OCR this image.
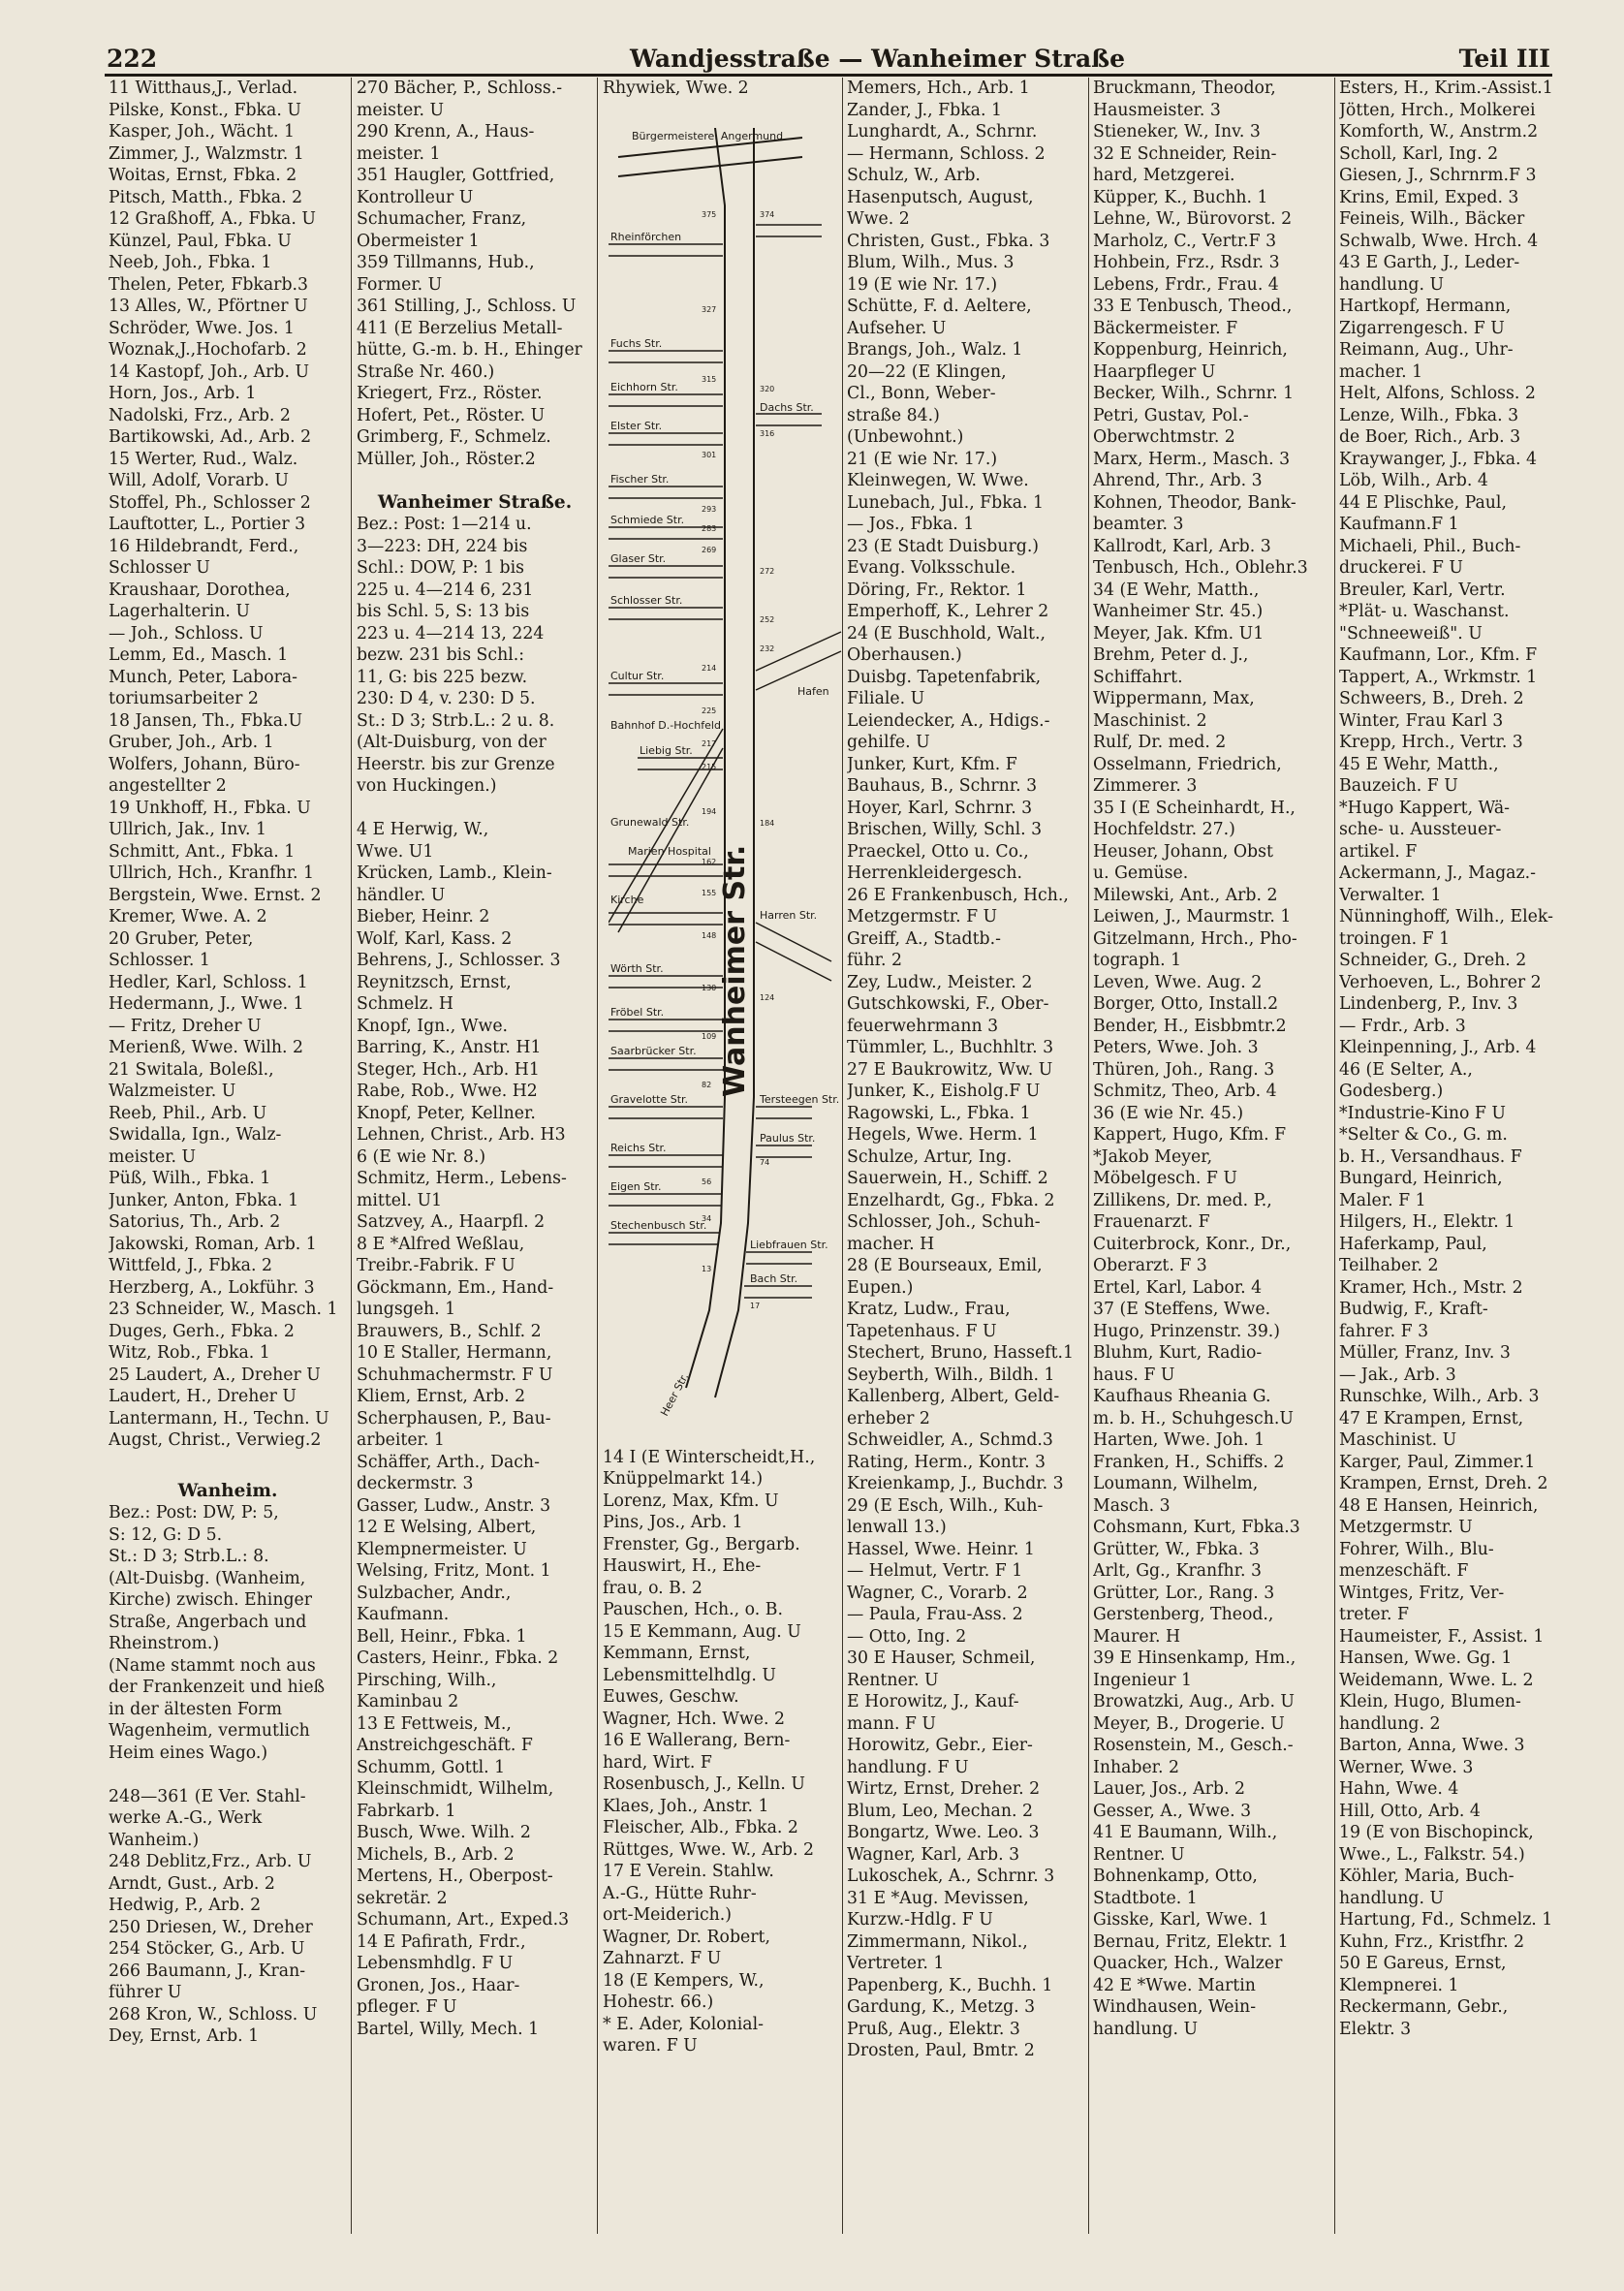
222	Wandjesstraße — Wanheimer Straße	Teil III
11 Witthaus,J., Verlad.
Pilske, Konst., Fbka. U
Kasper, Joh., Wächt. 1
Zimmer, J., Walzmstr. 1
Woitas, Ernst, Fbka. 2
Pitsch, Matth., Fbka. 2
12 Graßhoff, A., Fbka. U
Künzel, Paul, Fbka. U
Neeb, Joh., Fbka. 1
Thelen, Peter, Fbkarb.3
13 Alles, W., Pförtner U
Schröder, Wwe. Jos. 1
Woznak,J.,Hochofarb. 2
14 Kastopf, Joh., Arb. U
Horn, Jos., Arb. 1
Nadolski, Frz., Arb. 2
Bartikowski, Ad., Arb. 2
15 Werter, Rud., Walz.
Will, Adolf, Vorarb. U
Stoffel, Ph., Schlosser 2
Lauftotter, L., Portier 3
16 Hildebrandt, Ferd.,
Schlosser U
Kraushaar, Dorothea,
Lagerhalterin. U
— Joh., Schloss. U
Lemm, Ed., Masch. 1
Munch, Peter, Labora-
toriumsarbeiter 2
18 Jansen, Th., Fbka.U
Gruber, Joh., Arb. 1
Wolfers, Johann, Büro-
angestellter 2
19 Unkhoff, H., Fbka. U
Ullrich, Jak., Inv. 1
Schmitt, Ant., Fbka. 1
Ullrich, Hch., Kranfhr. 1
Bergstein, Wwe. Ernst. 2
Kremer, Wwe. A. 2
20 Gruber, Peter,
Schlosser. 1
Hedler, Karl, Schloss. 1
Hedermann, J., Wwe. 1
— Fritz, Dreher U
Merienß, Wwe. Wilh. 2
21 Switala, Boleßl.,
Walzmeister. U
Reeb, Phil., Arb. U
Swidalla, Ign., Walz-
meister. U
Püß, Wilh., Fbka. 1
Junker, Anton, Fbka. 1
Satorius, Th., Arb. 2
Jakowski, Roman, Arb. 1
Wittfeld, J., Fbka. 2
Herzberg, A., Lokführ. 3
23 Schneider, W., Masch. 1
Duges, Gerh., Fbka. 2
Witz, Rob., Fbka. 1
25 Laudert, A., Dreher U
Laudert, H., Dreher U
Lantermann, H., Techn. U
Augst, Christ., Verwieg.2
Wanheim.
Bez.: Post: DW, P: 5,
S: 12, G: D 5.
St.: D 3; Strb.L.: 8.
(Alt-Duisbg. (Wanheim,
Kirche) zwisch. Ehinger
Straße, Angerbach und
Rheinstrom.)
(Name stammt noch aus
der Frankenzeit und hieß
in der ältesten Form
Wagenheim, vermutlich
Heim eines Wago.)
248—361 (E Ver. Stahl-
werke A.-G., Werk
Wanheim.)
248 Deblitz,Frz., Arb. U
Arndt, Gust., Arb. 2
Hedwig, P., Arb. 2
250 Driesen, W., Dreher
254 Stöcker, G., Arb. U
266 Baumann, J., Kran-
führer U
268 Kron, W., Schloss. U
Dey, Ernst, Arb. 1
270 Bächer, P., Schloss.-
meister. U
290 Krenn, A., Haus-
meister. 1
351 Haugler, Gottfried,
Kontrolleur U
Schumacher, Franz,
Obermeister 1
359 Tillmanns, Hub.,
Former. U
361 Stilling, J., Schloss. U
411 (E Berzelius Metall-
hütte, G.-m. b. H., Ehinger
Straße Nr. 460.)
Kriegert, Frz., Röster.
Hofert, Pet., Röster. U
Grimberg, F., Schmelz.
Müller, Joh., Röster.2
Wanheimer Straße.
Bez.: Post: 1—214 u.
3—223: DH, 224 bis
Schl.: DOW, P: 1 bis
225 u. 4—214 6, 231
bis Schl. 5, S: 13 bis
223 u. 4—214 13, 224
bezw. 231 bis Schl.:
11, G: bis 225 bezw.
230: D 4, v. 230: D 5.
St.: D 3; Strb.L.: 2 u. 8.
(Alt-Duisburg, von der
Heerstr. bis zur Grenze
von Huckingen.)
4 E Herwig, W.,
Wwe. U1
Krücken, Lamb., Klein-
händler. U
Bieber, Heinr. 2
Wolf, Karl, Kass. 2
Behrens, J., Schlosser. 3
Reynitzsch, Ernst,
Schmelz. H
Knopf, Ign., Wwe.
Barring, K., Anstr. H1
Steger, Hch., Arb. H1
Rabe, Rob., Wwe. H2
Knopf, Peter, Kellner.
Lehnen, Christ., Arb. H3
6 (E wie Nr. 8.)
Schmitz, Herm., Lebens-
mittel. U1
Satzvey, A., Haarpfl. 2
8 E *Alfred Weßlau,
Treibr.-Fabrik. F U
Göckmann, Em., Hand-
lungsgeh. 1
Brauwers, B., Schlf. 2
10 E Staller, Hermann,
Schuhmachermstr. F U
Kliem, Ernst, Arb. 2
Scherphausen, P., Bau-
arbeiter. 1
Schäffer, Arth., Dach-
deckermstr. 3
Gasser, Ludw., Anstr. 3
12 E Welsing, Albert,
Klempnermeister. U
Welsing, Fritz, Mont. 1
Sulzbacher, Andr.,
Kaufmann.
Bell, Heinr., Fbka. 1
Casters, Heinr., Fbka. 2
Pirsching, Wilh.,
Kaminbau 2
13 E Fettweis, M.,
Anstreichgeschäft. F
Schumm, Gottl. 1
Kleinschmidt, Wilhelm,
Fabrkarb. 1
Busch, Wwe. Wilh. 2
Michels, B., Arb. 2
Mertens, H., Oberpost-
sekretär. 2
Schumann, Art., Exped.3
14 E Pafirath, Frdr.,
Lebensmhdlg. F U
Gronen, Jos., Haar-
pfleger. F U
Bartel, Willy, Mech. 1
Rhywiek, Wwe. 2
14 I (E Winterscheidt,H.,
Knüppelmarkt 14.)
Lorenz, Max, Kfm. U
Pins, Jos., Arb. 1
Frenster, Gg., Bergarb.
Hauswirt, H., Ehe-
frau, o. B. 2
Pauschen, Hch., o. B.
15 E Kemmann, Aug. U
Kemmann, Ernst,
Lebensmittelhdlg. U
Euwes, Geschw.
Wagner, Hch. Wwe. 2
16 E Wallerang, Bern-
hard, Wirt. F
Rosenbusch, J., Kelln. U
Klaes, Joh., Anstr. 1
Fleischer, Alb., Fbka. 2
Rüttges, Wwe. W., Arb. 2
17 E Verein. Stahlw.
A.-G., Hütte Ruhr-
ort-Meiderich.)
Wagner, Dr. Robert,
Zahnarzt. F U
18 (E Kempers, W.,
Hohestr. 66.)
* E. Ader, Kolonial-
waren. F U
Memers, Hch., Arb. 1
Zander, J., Fbka. 1
Lunghardt, A., Schrnr.
— Hermann, Schloss. 2
Schulz, W., Arb.
Hasenputsch, August,
Wwe. 2
Christen, Gust., Fbka. 3
Blum, Wilh., Mus. 3
19 (E wie Nr. 17.)
Schütte, F. d. Aeltere,
Aufseher. U
Brangs, Joh., Walz. 1
20—22 (E Klingen,
Cl., Bonn, Weber-
straße 84.)
(Unbewohnt.)
21 (E wie Nr. 17.)
Kleinwegen, W. Wwe.
Lunebach, Jul., Fbka. 1
— Jos., Fbka. 1
23 (E Stadt Duisburg.)
Evang. Volksschule.
Döring, Fr., Rektor. 1
Emperhoff, K., Lehrer 2
24 (E Buschhold, Walt.,
Oberhausen.)
Duisbg. Tapetenfabrik,
Filiale. U
Leiendecker, A., Hdigs.-
gehilfe. U
Junker, Kurt, Kfm. F
Bauhaus, B., Schrnr. 3
Hoyer, Karl, Schrnr. 3
Brischen, Willy, Schl. 3
Praeckel, Otto u. Co.,
Herrenkleidergesch.
26 E Frankenbusch, Hch.,
Metzgermstr. F U
Greiff, A., Stadtb.-
führ. 2
Zey, Ludw., Meister. 2
Gutschkowski, F., Ober-
feuerwehrmann 3
Tümmler, L., Buchhltr. 3
27 E Baukrowitz, Ww. U
Junker, K., Eisholg.F U
Ragowski, L., Fbka. 1
Hegels, Wwe. Herm. 1
Schulze, Artur, Ing.
Sauerwein, H., Schiff. 2
Enzelhardt, Gg., Fbka. 2
Schlosser, Joh., Schuh-
macher. H
28 (E Bourseaux, Emil,
Eupen.)
Kratz, Ludw., Frau,
Tapetenhaus. F U
Stechert, Bruno, Hasseft.1
Seyberth, Wilh., Bildh. 1
Kallenberg, Albert, Geld-
erheber 2
Schweidler, A., Schmd.3
Rating, Herm., Kontr. 3
Kreienkamp, J., Buchdr. 3
29 (E Esch, Wilh., Kuh-
lenwall 13.)
Hassel, Wwe. Heinr. 1
— Helmut, Vertr. F 1
Wagner, C., Vorarb. 2
— Paula, Frau-Ass. 2
— Otto, Ing. 2
30 E Hauser, Schmeil,
Rentner. U
E Horowitz, J., Kauf-
mann. F U
Horowitz, Gebr., Eier-
handlung. F U
Wirtz, Ernst, Dreher. 2
Blum, Leo, Mechan. 2
Bongartz, Wwe. Leo. 3
Wagner, Karl, Arb. 3
Lukoschek, A., Schrnr. 3
31 E *Aug. Mevissen,
Kurzw.-Hdlg. F U
Zimmermann, Nikol.,
Vertreter. 1
Papenberg, K., Buchh. 1
Gardung, K., Metzg. 3
Pruß, Aug., Elektr. 3
Drosten, Paul, Bmtr. 2
Bruckmann, Theodor,
Hausmeister. 3
Stieneker, W., Inv. 3
32 E Schneider, Rein-
hard, Metzgerei.
Küpper, K., Buchh. 1
Lehne, W., Bürovorst. 2
Marholz, C., Vertr.F 3
Hohbein, Frz., Rsdr. 3
Lebens, Frdr., Frau. 4
33 E Tenbusch, Theod.,
Bäckermeister. F
Koppenburg, Heinrich,
Haarpfleger U
Becker, Wilh., Schrnr. 1
Petri, Gustav, Pol.-
Oberwchtmstr. 2
Marx, Herm., Masch. 3
Ahrend, Thr., Arb. 3
Kohnen, Theodor, Bank-
beamter. 3
Kallrodt, Karl, Arb. 3
Tenbusch, Hch., Oblehr.3
34 (E Wehr, Matth.,
Wanheimer Str. 45.)
Meyer, Jak. Kfm. U1
Brehm, Peter d. J.,
Schiffahrt.
Wippermann, Max,
Maschinist. 2
Rulf, Dr. med. 2
Osselmann, Friedrich,
Zimmerer. 3
35 I (E Scheinhardt, H.,
Hochfeldstr. 27.)
Heuser, Johann, Obst
u. Gemüse.
Milewski, Ant., Arb. 2
Leiwen, J., Maurmstr. 1
Gitzelmann, Hrch., Pho-
tograph. 1
Leven, Wwe. Aug. 2
Borger, Otto, Install.2
Bender, H., Eisbbmtr.2
Peters, Wwe. Joh. 3
Thüren, Joh., Rang. 3
Schmitz, Theo, Arb. 4
36 (E wie Nr. 45.)
Kappert, Hugo, Kfm. F
*Jakob Meyer,
Möbelgesch. F U
Zillikens, Dr. med. P.,
Frauenarzt. F
Cuiterbrock, Konr., Dr.,
Oberarzt. F 3
Ertel, Karl, Labor. 4
37 (E Steffens, Wwe.
Hugo, Prinzenstr. 39.)
Bluhm, Kurt, Radio-
haus. F U
Kaufhaus Rheania G.
m. b. H., Schuhgesch.U
Harten, Wwe. Joh. 1
Franken, H., Schiffs. 2
Loumann, Wilhelm,
Masch. 3
Cohsmann, Kurt, Fbka.3
Grütter, W., Fbka. 3
Arlt, Gg., Kranfhr. 3
Grütter, Lor., Rang. 3
Gerstenberg, Theod.,
Maurer. H
39 E Hinsenkamp, Hm.,
Ingenieur 1
Browatzki, Aug., Arb. U
Meyer, B., Drogerie. U
Rosenstein, M., Gesch.-
Inhaber. 2
Lauer, Jos., Arb. 2
Gesser, A., Wwe. 3
41 E Baumann, Wilh.,
Rentner. U
Bohnenkamp, Otto,
Stadtbote. 1
Gisske, Karl, Wwe. 1
Bernau, Fritz, Elektr. 1
Quacker, Hch., Walzer
42 E *Wwe. Martin
Windhausen, Wein-
handlung. U
Esters, H., Krim.-Assist.1
Jötten, Hrch., Molkerei
Komforth, W., Anstrm.2
Scholl, Karl, Ing. 2
Giesen, J., Schrnrm.F 3
Krins, Emil, Exped. 3
Feineis, Wilh., Bäcker
Schwalb, Wwe. Hrch. 4
43 E Garth, J., Leder-
handlung. U
Hartkopf, Hermann,
Zigarrengesch. F U
Reimann, Aug., Uhr-
macher. 1
Helt, Alfons, Schloss. 2
Lenze, Wilh., Fbka. 3
de Boer, Rich., Arb. 3
Kraywanger, J., Fbka. 4
Löb, Wilh., Arb. 4
44 E Plischke, Paul,
Kaufmann.F 1
Michaeli, Phil., Buch-
druckerei. F U
Breuler, Karl, Vertr.
*Plät- u. Waschanst.
"Schneeweiß". U
Kaufmann, Lor., Kfm. F
Tappert, A., Wrkmstr. 1
Schweers, B., Dreh. 2
Winter, Frau Karl 3
Krepp, Hrch., Vertr. 3
45 E Wehr, Matth.,
Bauzeich. F U
*Hugo Kappert, Wä-
sche- u. Aussteuer-
artikel. F
Ackermann, J., Magaz.-
Verwalter. 1
Nünninghoff, Wilh., Elek-
troingen. F 1
Schneider, G., Dreh. 2
Verhoeven, L., Bohrer 2
Lindenberg, P., Inv. 3
— Frdr., Arb. 3
Kleinpenning, J., Arb. 4
46 (E Selter, A.,
Godesberg.)
*Industrie-Kino F U
*Selter & Co., G. m.
b. H., Versandhaus. F
Bungard, Heinrich,
Maler. F 1
Hilgers, H., Elektr. 1
Haferkamp, Paul,
Teilhaber. 2
Kramer, Hch., Mstr. 2
Budwig, F., Kraft-
fahrer. F 3
Müller, Franz, Inv. 3
— Jak., Arb. 3
Runschke, Wilh., Arb. 3
47 E Krampen, Ernst,
Maschinist. U
Karger, Paul, Zimmer.1
Krampen, Ernst, Dreh. 2
48 E Hansen, Heinrich,
Metzgermstr. U
Fohrer, Wilh., Blu-
menzeschäft. F
Wintges, Fritz, Ver-
treter. F
Haumeister, F., Assist. 1
Hansen, Wwe. Gg. 1
Weidemann, Wwe. L. 2
Klein, Hugo, Blumen-
handlung. 2
Barton, Anna, Wwe. 3
Werner, Wwe. 3
Hahn, Wwe. 4
Hill, Otto, Arb. 4
19 (E von Bischopinck,
Wwe., L., Falkstr. 54.)
Köhler, Maria, Buch-
handlung. U
Hartung, Fd., Schmelz. 1
Kuhn, Frz., Kristfhr. 2
50 E Gareus, Ernst,
Klempnerei. 1
Reckermann, Gebr.,
Elektr. 3
Wanheimer Str.
Bürgermeisterei Angermund
Rheinförchen
Fuchs Str.
Eichhorn Str.
Elster Str.
Dachs Str.
Fischer Str.
Schmiede Str.
Glaser Str.
Schlosser Str.
Cultur Str.
Hafen
Bahnhof D.-Hochfeld
Liebig Str.
Grunewald Str.
Marien Hospital
Kirche
Harren Str.
Wörth Str.
Fröbel Str.
Saarbrücker Str.
Tersteegen Str.
Gravelotte Str.
Paulus Str.
Reichs Str.
Eigen Str.
Stechenbusch Str.
Liebfrauen Str.
Bach Str.
Heer Str.
375	374
327
315
320
316
301
293
283
269
272
252
232
214
225
217
215
194
184
162
155
148
130
124
109
82
74
56
34
13
17
